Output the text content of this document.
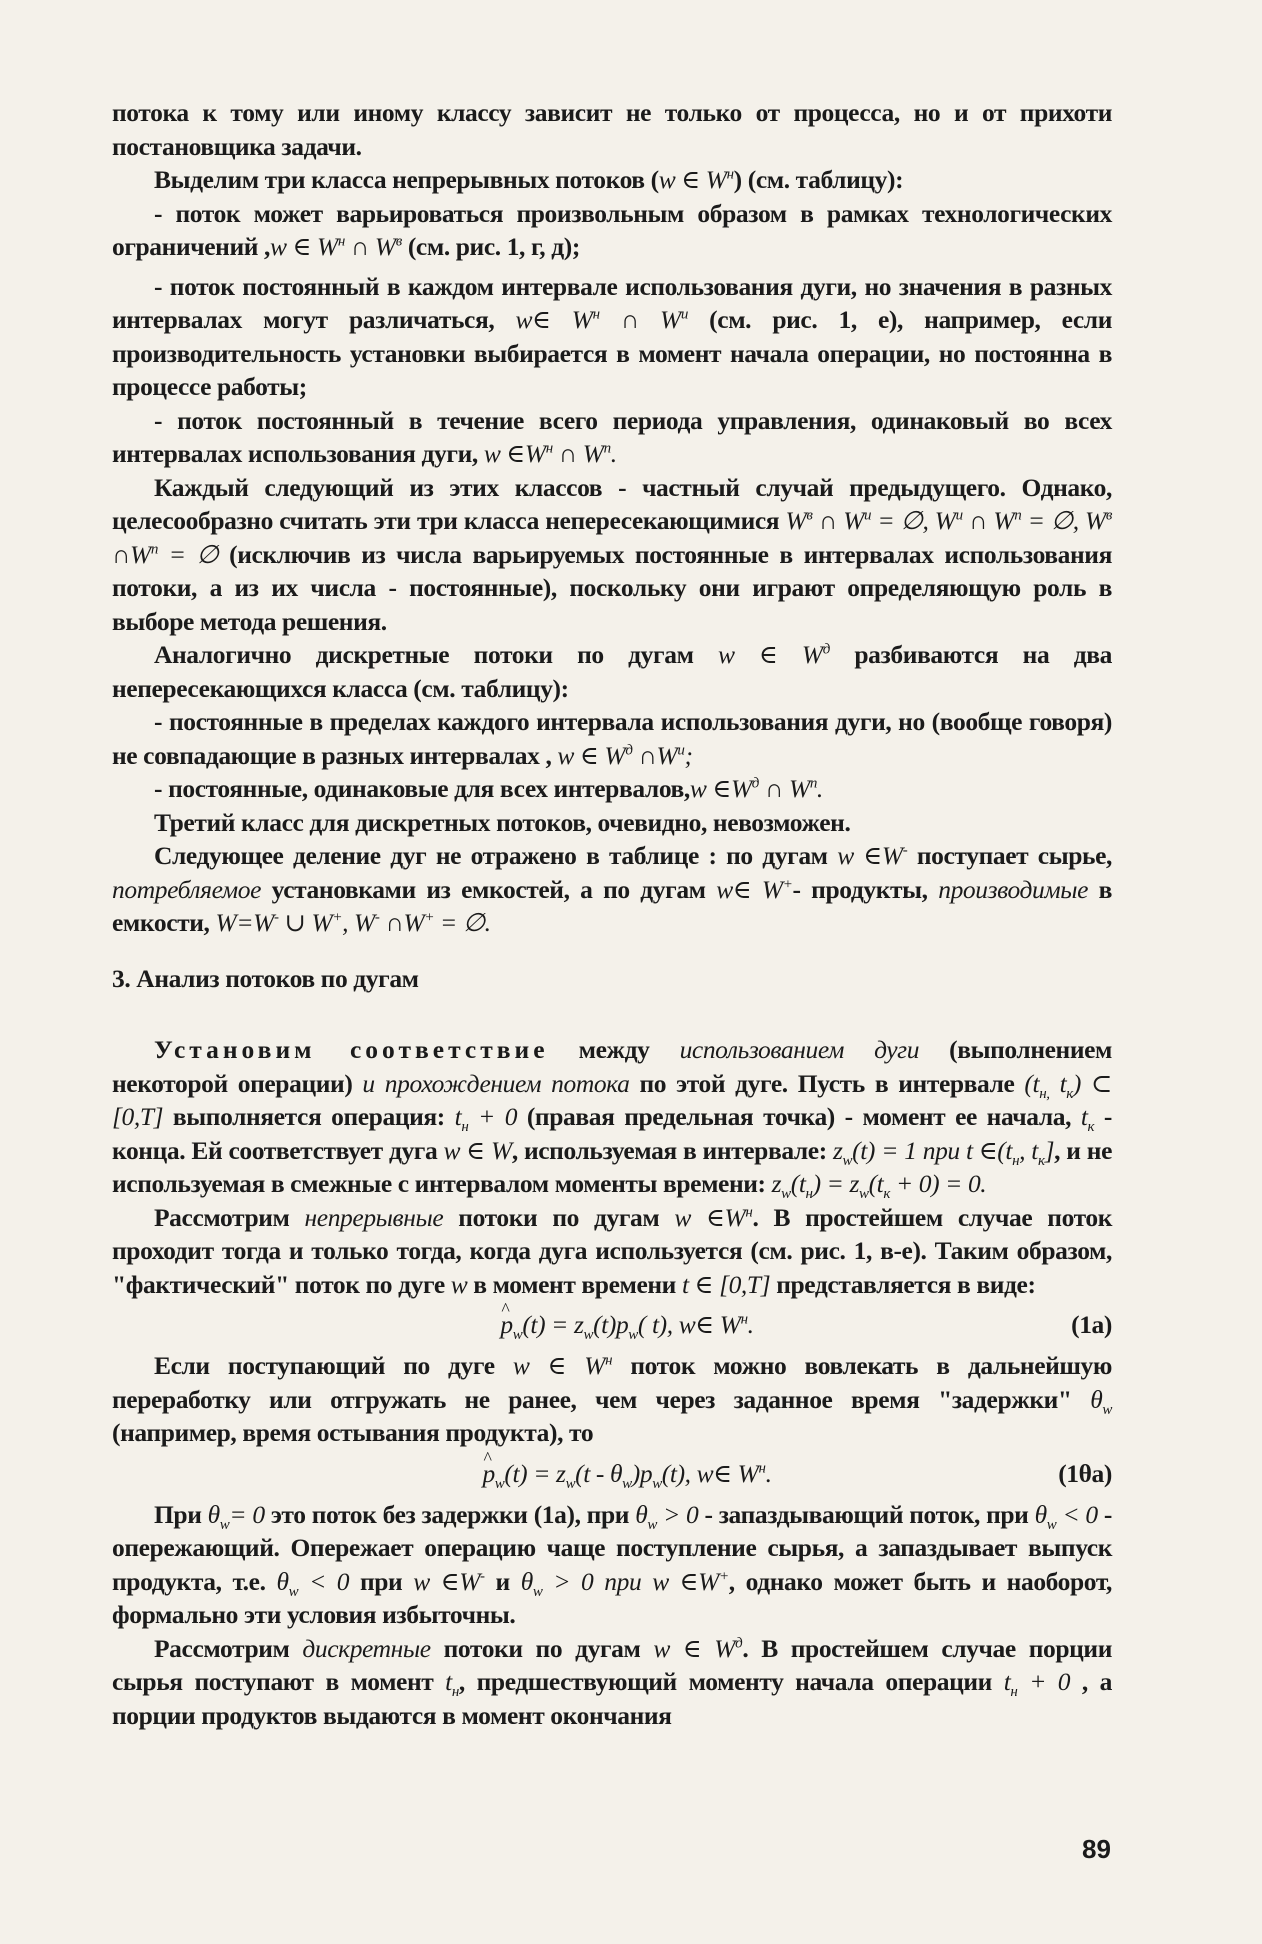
потока к тому или иному классу зависит не только от процесса, но и от прихоти постановщика задачи.

Выделим три класса непрерывных потоков (w ∈ $W^н$) (см. таблицу):

- поток может варьироваться произвольным образом в рамках технологических ограничений ,w ∈ $W^н$ ∩ $W^в$ (см. рис. 1, г, д);

- поток постоянный в каждом интервале использования дуги, но значения в разных интервалах могут различаться, w∈ $W^н$ ∩ $W^и$ (см. рис. 1, е), например, если производительность установки выбирается в момент начала операции, но постоянна в процессе работы;

- поток постоянный в течение всего периода управления, одинаковый во всех интервалах использования дуги, w $\in W^н$ ∩ $W^п$.

Каждый следующий из этих классов - частный случай предыдущего. Однако, целесообразно считать эти три класса непересекающимися $W^в$ ∩ $W^и$ = ∅, $W^и$ ∩ $W^п$ = ∅, $W^в$ $\cap W^п$ = ∅ (исключив из числа варьируемых постоянные в интервалах использования потоки, а из их числа - постоянные), поскольку они играют определяющую роль в выборе метода решения.

Аналогично дискретные потоки по дугам w ∈ $W^д$ разбиваются на два непересекающихся класса (см. таблицу):

- постоянные в пределах каждого интервала использования дуги, но (вообще говоря) не совпадающие в разных интервалах , w ∈ $W^д$ $\cap W^и$;

- постоянные, одинаковые для всех интервалов,w $\in W^д$ ∩ $W^п$.

Третий класс для дискретных потоков, очевидно, невозможен.

Следующее деление дуг не отражено в таблице : по дугам w ∈W- поступает сырье, потребляемое установками из емкостей, а по дугам w∈ W+- продукты, производимые в емкости, W=W- ∪ W+, W- ∩W+ = ∅.

3. Анализ потоков по дугам

Установим соответствие между использованием дуги (выполнением некоторой операции) и прохождением потока по этой дуге. Пусть в интервале ($t_{н,}$ $t_к$) ⊂ [0,T] выполняется операция: $t_н + 0$ (правая предельная точка) - момент ее начала, $t_к$ - конца. Ей соответствует дуга w ∈ W, используемая в интервале: $z_w(t) = 1$ при t $\in(t_н$, $t_к$], и не используемая в смежные с интервалом моменты времени: $z_w(t_н) = z_w(t_к + 0) = 0$.

Рассмотрим непрерывные потоки по дугам w $\in W^н$. В простейшем случае поток проходит тогда и только тогда, когда дуга используется (см. рис. 1, в-е). Таким образом, "фактический" поток по дуге w в момент времени t ∈ [0,T] представляется в виде:

^ $p_w(t) = z_w(t)p_w$( t), w∈ $W^н$.	(1а)

Если поступающий по дуге w ∈ $W^н$ поток можно вовлекать в дальнейшую переработку или отгружать не ранее, чем через заданное время "задержки" $\theta_w$ (например, время остывания продукта), то

^ $p_w(t) = z_w(t - \theta_w)p_w(t)$, w∈ $W^н$.	(1θа)

При $\theta_w= 0$ это поток без задержки (1а), при $\theta_w > 0$ - запаздывающий поток, при $\theta_w < 0$ - опережающий. Опережает операцию чаще поступление сырья, а запаздывает выпуск продукта, т.е. $\theta_w < 0$ при w ∈W- и $\theta_w > 0$ при w ∈W+, однако может быть и наоборот, формально эти условия избыточны.

Рассмотрим дискретные потоки по дугам w ∈ $W^д$. В простейшем случае порции сырья поступают в момент $t_н$, предшествующий моменту начала операции $t_н + 0$ , а порции продуктов выдаются в момент окончания

89
